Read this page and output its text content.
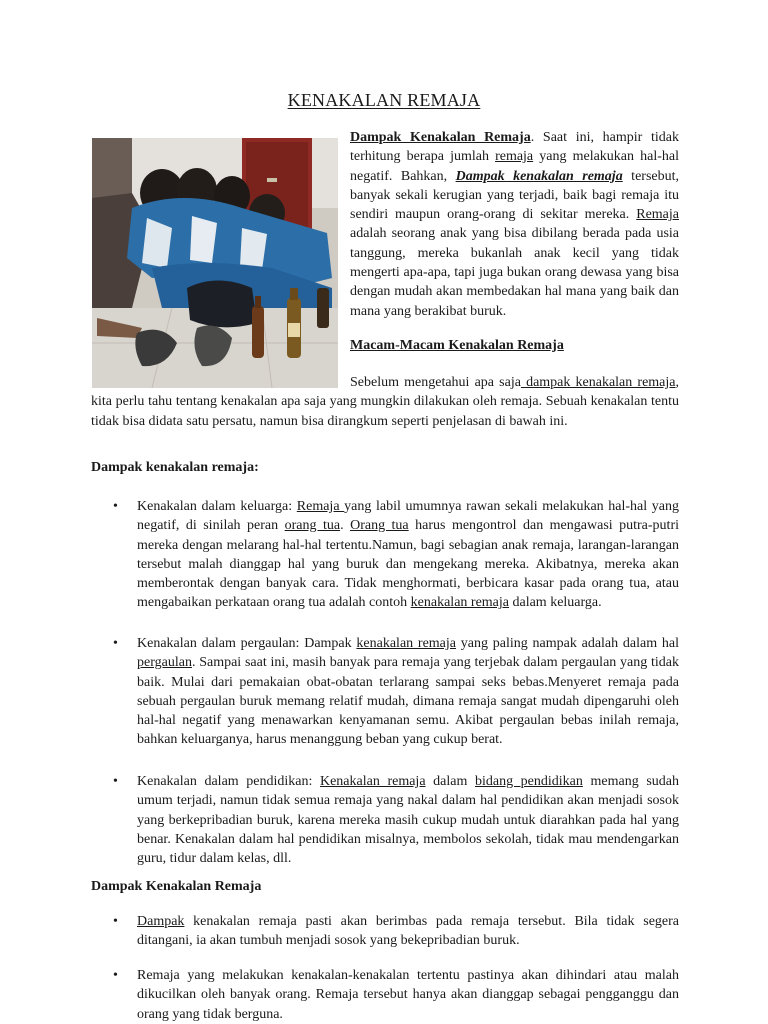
KENAKALAN REMAJA

Dampak Kenakalan Remaja. Saat ini, hampir tidak terhitung berapa jumlah remaja yang melakukan hal-hal negatif. Bahkan, Dampak kenakalan remaja tersebut, banyak sekali kerugian yang terjadi, baik bagi remaja itu sendiri maupun orang-orang di sekitar mereka. Remaja adalah seorang anak yang bisa dibilang berada pada usia tanggung, mereka bukanlah anak kecil yang tidak mengerti apa-apa, tapi juga bukan orang dewasa yang bisa dengan mudah akan membedakan hal mana yang baik dan mana yang berakibat buruk.

Macam-Macam Kenakalan Remaja

Sebelum mengetahui apa saja dampak kenakalan remaja, kita perlu tahu tentang kenakalan apa saja yang mungkin dilakukan oleh remaja. Sebuah kenakalan tentu tidak bisa didata satu persatu, namun bisa dirangkum seperti penjelasan di bawah ini.

Dampak kenakalan remaja:
• Kenakalan dalam keluarga: Remaja yang labil umumnya rawan sekali melakukan hal-hal yang negatif, di sinilah peran orang tua. Orang tua harus mengontrol dan mengawasi putra-putri mereka dengan melarang hal-hal tertentu.Namun, bagi sebagian anak remaja, larangan-larangan tersebut malah dianggap hal yang buruk dan mengekang mereka. Akibatnya, mereka akan memberontak dengan banyak cara. Tidak menghormati, berbicara kasar pada orang tua, atau mengabaikan perkataan orang tua adalah contoh kenakalan remaja dalam keluarga.
• Kenakalan dalam pergaulan: Dampak kenakalan remaja yang paling nampak adalah dalam hal pergaulan. Sampai saat ini, masih banyak para remaja yang terjebak dalam pergaulan yang tidak baik. Mulai dari pemakaian obat-obatan terlarang sampai seks bebas.Menyeret remaja pada sebuah pergaulan buruk memang relatif mudah, dimana remaja sangat mudah dipengaruhi oleh hal-hal negatif yang menawarkan kenyamanan semu. Akibat pergaulan bebas inilah remaja, bahkan keluarganya, harus menanggung beban yang cukup berat.
• Kenakalan dalam pendidikan: Kenakalan remaja dalam bidang pendidikan memang sudah umum terjadi, namun tidak semua remaja yang nakal dalam hal pendidikan akan menjadi sosok yang berkepribadian buruk, karena mereka masih cukup mudah untuk diarahkan pada hal yang benar. Kenakalan dalam hal pendidikan misalnya, membolos sekolah, tidak mau mendengarkan guru, tidur dalam kelas, dll.
Dampak Kenakalan Remaja
• Dampak kenakalan remaja pasti akan berimbas pada remaja tersebut. Bila tidak segera ditangani, ia akan tumbuh menjadi sosok yang bekepribadian buruk.
• Remaja yang melakukan kenakalan-kenakalan tertentu pastinya akan dihindari atau malah dikucilkan oleh banyak orang. Remaja tersebut hanya akan dianggap sebagai pengganggu dan orang yang tidak berguna.
